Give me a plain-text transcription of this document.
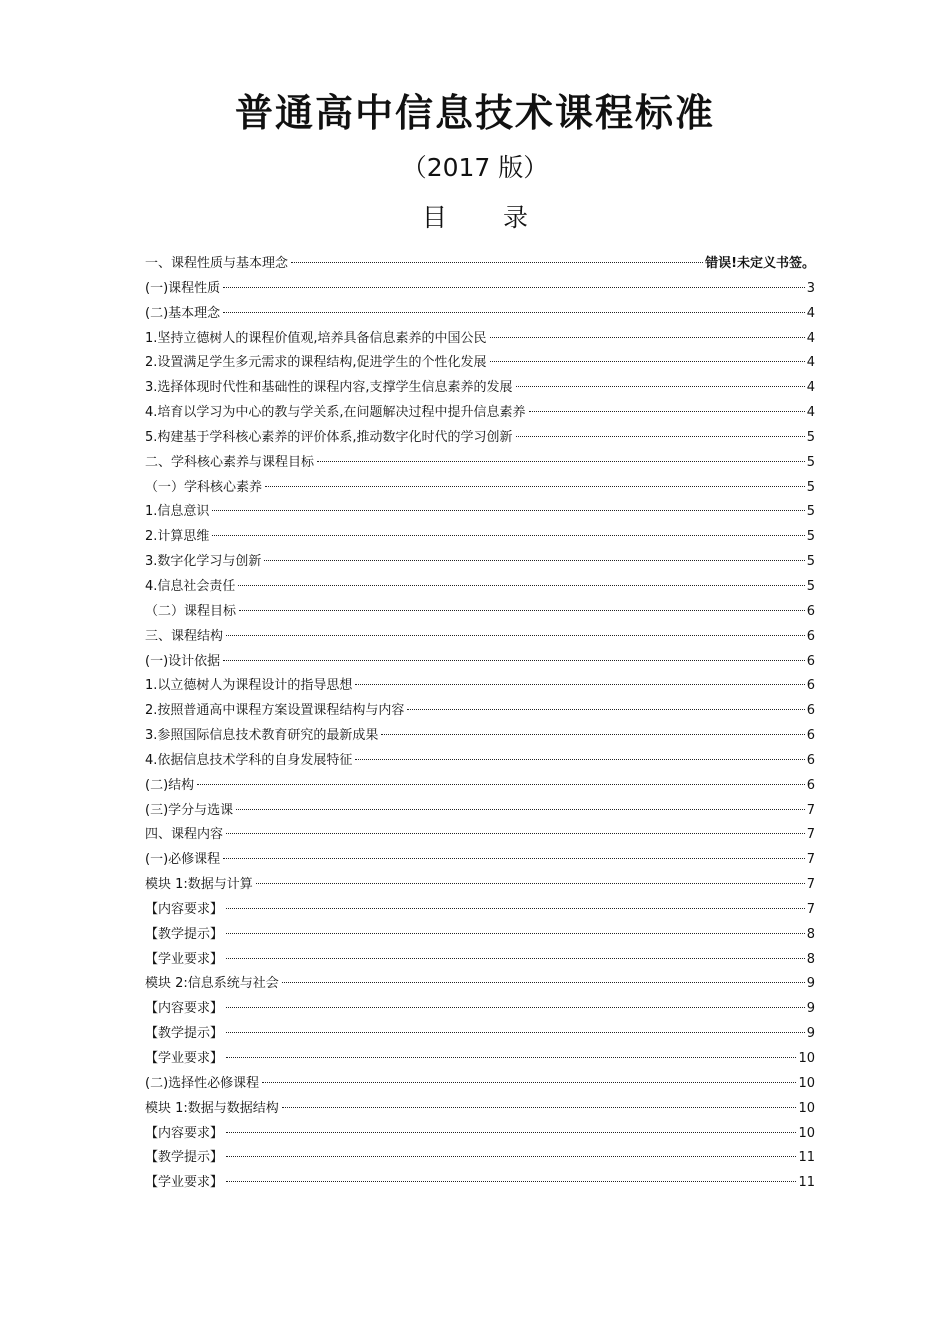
普通高中信息技术课程标准
（2017 版）
目 录
一、课程性质与基本理念	错误!未定义书签。
(一)课程性质	3
(二)基本理念	4
1.坚持立德树人的课程价值观,培养具备信息素养的中国公民	4
2.设置满足学生多元需求的课程结构,促进学生的个性化发展	4
3.选择体现时代性和基础性的课程内容,支撑学生信息素养的发展	4
4.培育以学习为中心的教与学关系,在问题解决过程中提升信息素养	4
5.构建基于学科核心素养的评价体系,推动数字化时代的学习创新	5
二、学科核心素养与课程目标	5
（一）学科核心素养	5
1.信息意识	5
2.计算思维	5
3.数字化学习与创新	5
4.信息社会责任	5
（二）课程目标	6
三、课程结构	6
(一)设计依据	6
1.以立德树人为课程设计的指导思想	6
2.按照普通高中课程方案设置课程结构与内容	6
3.参照国际信息技术教育研究的最新成果	6
4.依据信息技术学科的自身发展特征	6
(二)结构	6
(三)学分与选课	7
四、课程内容	7
(一)必修课程	7
模块 1:数据与计算	7
【内容要求】	7
【教学提示】	8
【学业要求】	8
模块 2:信息系统与社会	9
【内容要求】	9
【教学提示】	9
【学业要求】	10
(二)选择性必修课程	10
模块 1:数据与数据结构	10
【内容要求】	10
【教学提示】	11
【学业要求】	11
